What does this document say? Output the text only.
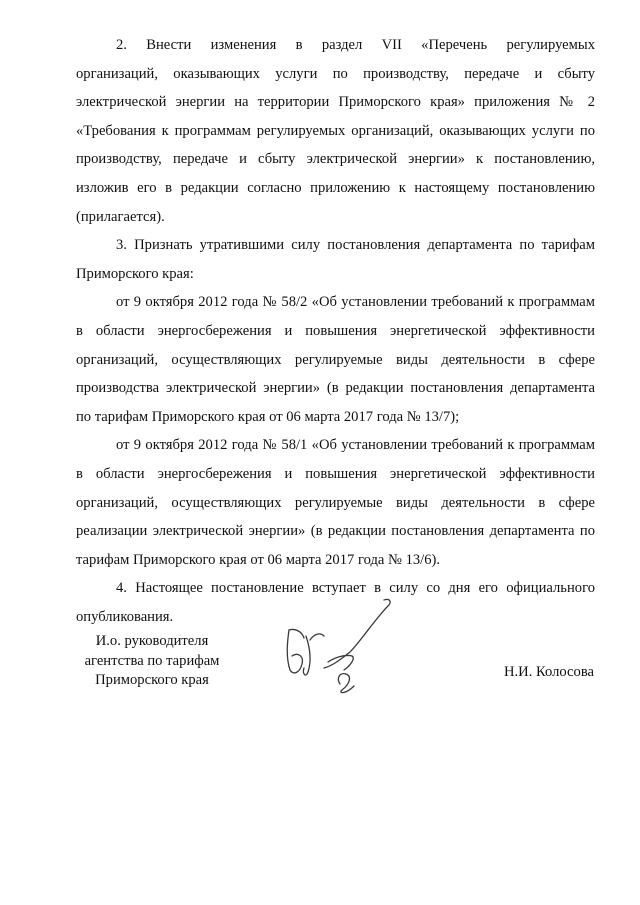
2. Внести изменения в раздел VII «Перечень регулируемых
организаций, оказывающих услуги по производству, передаче и сбыту
электрической энергии на территории Приморского края» приложения № 2
«Требования к программам регулируемых организаций, оказывающих услуги по
производству, передаче и сбыту электрической энергии» к постановлению,
изложив его в редакции согласно приложению к настоящему постановлению
(прилагается).

3. Признать утратившими силу постановления департамента по тарифам
Приморского края:

от 9 октября 2012 года № 58/2 «Об установлении требований к программам
в области энергосбережения и повышения энергетической эффективности
организаций, осуществляющих регулируемые виды деятельности в сфере
производства электрической энергии» (в редакции постановления департамента
по тарифам Приморского края от 06 марта 2017 года № 13/7);

от 9 октября 2012 года № 58/1 «Об установлении требований к программам
в области энергосбережения и повышения энергетической эффективности
организаций, осуществляющих регулируемые виды деятельности в сфере
реализации электрической энергии» (в редакции постановления департамента по
тарифам Приморского края от 06 марта 2017 года № 13/6).

4. Настоящее постановление вступает в силу со дня его официального
опубликования.

И.о. руководителя
агентства по тарифам
Приморского края	Н.И. Колосова
